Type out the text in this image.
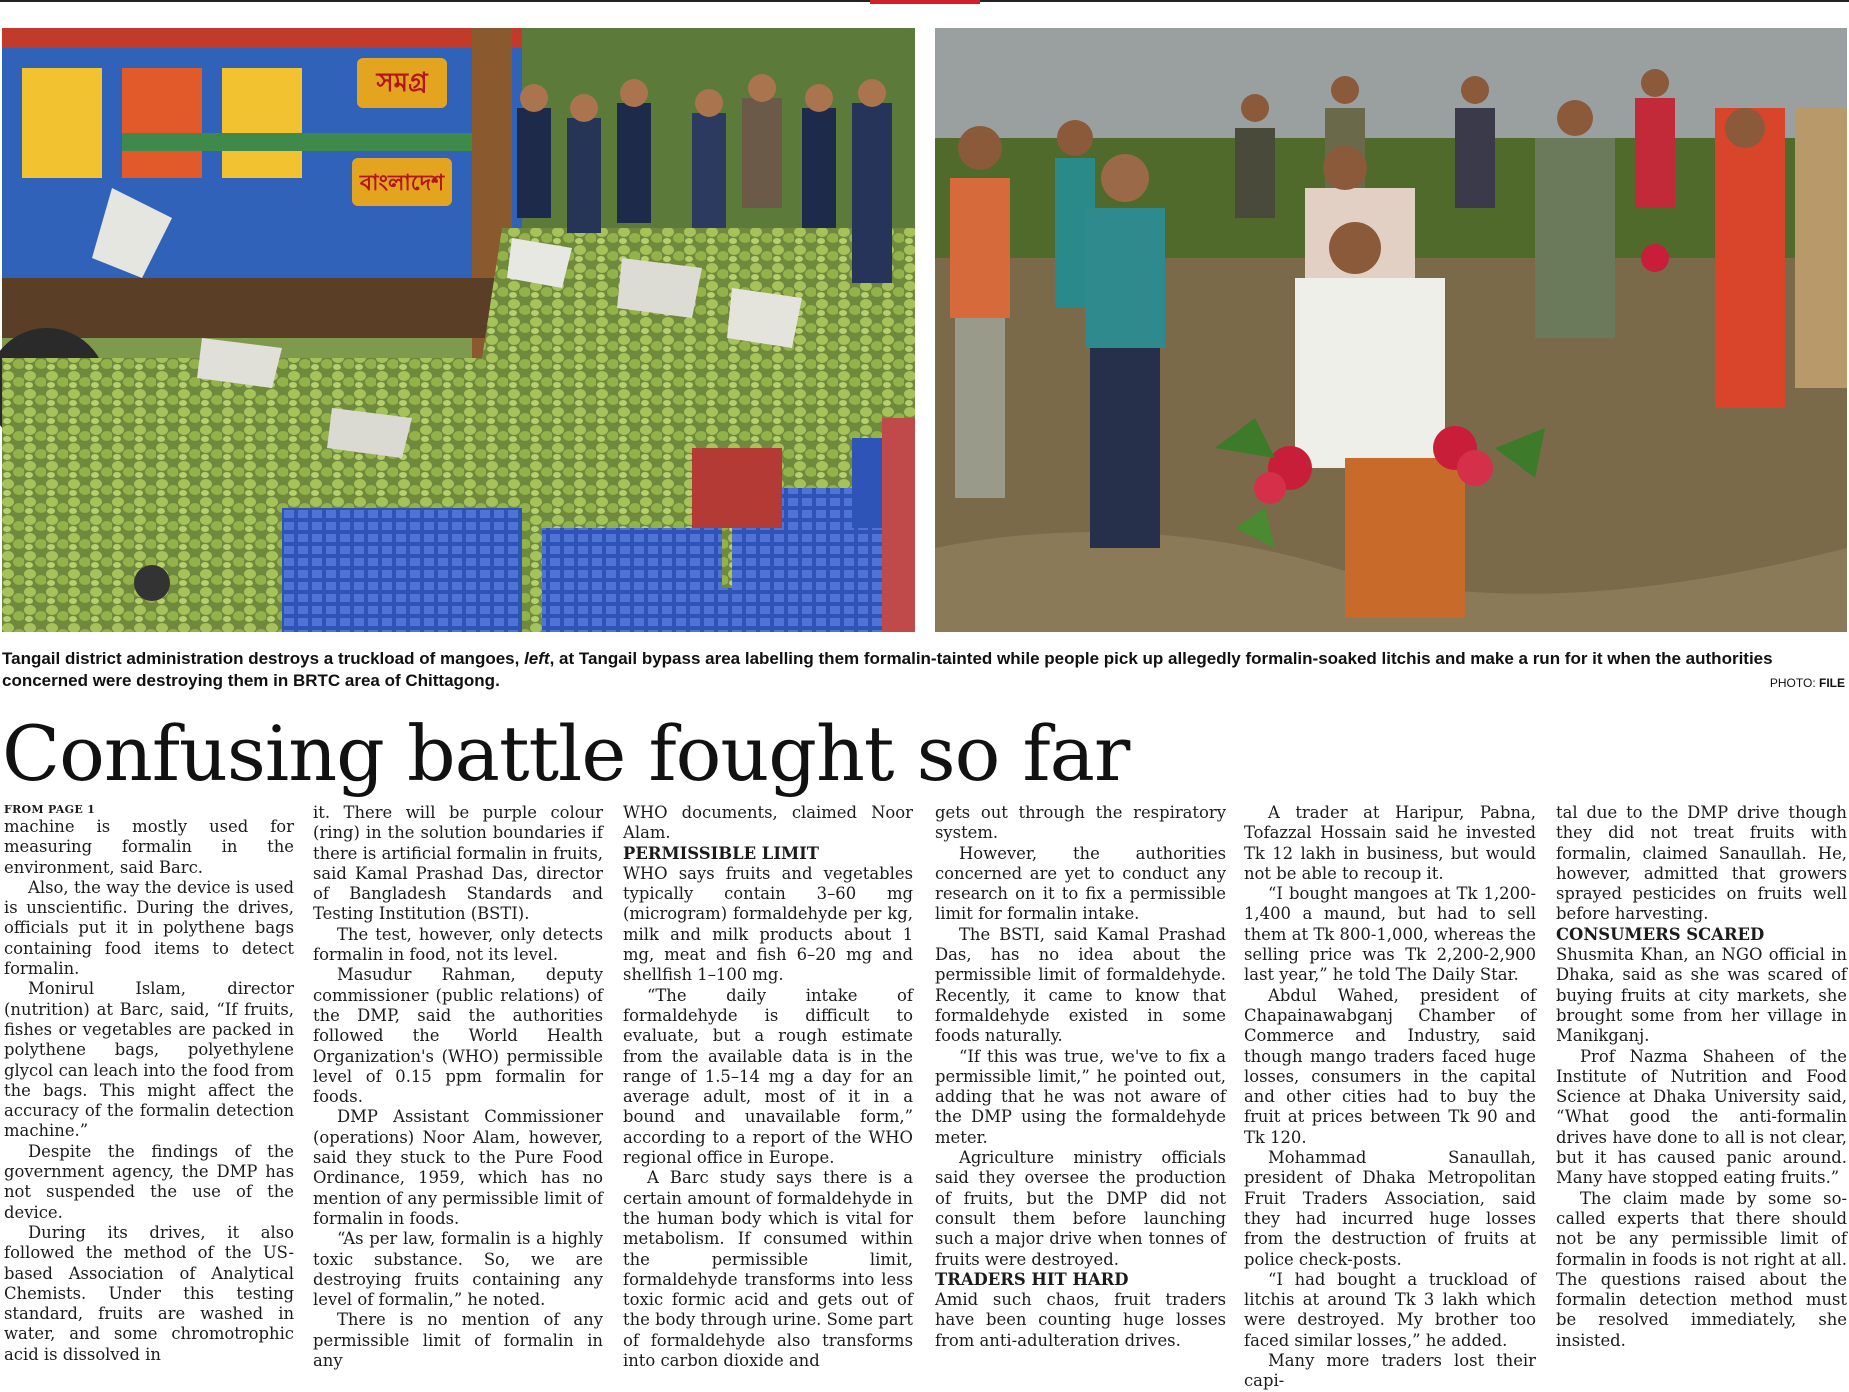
সমগ্র
বাংলাদেশ
Tangail district administration destroys a truckload of mangoes, left, at Tangail bypass area labelling them formalin-tainted while people pick up allegedly formalin-soaked litchis and make a run for it when the authorities concerned were destroying them in BRTC area of Chittagong.	PHOTO: FILE
Confusing battle fought so far
FROM PAGE 1

machine is mostly used for measuring formalin in the environment, said Barc.

Also, the way the device is used is unscientific. During the drives, officials put it in polythene bags containing food items to detect formalin.

Monirul Islam, director (nutrition) at Barc, said, “If fruits, fishes or vegetables are packed in polythene bags, polyethylene glycol can leach into the food from the bags. This might affect the accuracy of the formalin detection machine.”

Despite the findings of the government agency, the DMP has not suspended the use of the device.

During its drives, it also followed the method of the US-based Association of Analytical Chemists. Under this testing standard, fruits are washed in water, and some chromotrophic acid is dissolved in

it. There will be purple colour (ring) in the solution boundaries if there is artificial formalin in fruits, said Kamal Prashad Das, director of Bangladesh Standards and Testing Institution (BSTI).

The test, however, only detects formalin in food, not its level.

Masudur Rahman, deputy commissioner (public relations) of the DMP, said the authorities followed the World Health Organization's (WHO) permissible level of 0.15 ppm formalin for foods.

DMP Assistant Commissioner (operations) Noor Alam, however, said they stuck to the Pure Food Ordinance, 1959, which has no mention of any permissible limit of formalin in foods.

“As per law, formalin is a highly toxic substance. So, we are destroying fruits containing any level of formalin,” he noted.

There is no mention of any permissible limit of formalin in any

WHO documents, claimed Noor Alam.

PERMISSIBLE LIMIT

WHO says fruits and vegetables typically contain 3–60 mg (microgram) formaldehyde per kg, milk and milk products about 1 mg, meat and fish 6–20 mg and shellfish 1–100 mg.

“The daily intake of formaldehyde is difficult to evaluate, but a rough estimate from the available data is in the range of 1.5–14 mg a day for an average adult, most of it in a bound and unavailable form,” according to a report of the WHO regional office in Europe.

A Barc study says there is a certain amount of formaldehyde in the human body which is vital for metabolism. If consumed within the permissible limit, formaldehyde transforms into less toxic formic acid and gets out of the body through urine. Some part of formaldehyde also transforms into carbon dioxide and

gets out through the respiratory system.

However, the authorities concerned are yet to conduct any research on it to fix a permissible limit for formalin intake.

The BSTI, said Kamal Prashad Das, has no idea about the permissible limit of formaldehyde. Recently, it came to know that formaldehyde existed in some foods naturally.

“If this was true, we've to fix a permissible limit,” he pointed out, adding that he was not aware of the DMP using the formaldehyde meter.

Agriculture ministry officials said they oversee the production of fruits, but the DMP did not consult them before launching such a major drive when tonnes of fruits were destroyed.

TRADERS HIT HARD

Amid such chaos, fruit traders have been counting huge losses from anti-adulteration drives.

A trader at Haripur, Pabna, Tofazzal Hossain said he invested Tk 12 lakh in business, but would not be able to recoup it.

“I bought mangoes at Tk 1,200-1,400 a maund, but had to sell them at Tk 800-1,000, whereas the selling price was Tk 2,200-2,900 last year,” he told The Daily Star.

Abdul Wahed, president of Chapainawabganj Chamber of Commerce and Industry, said though mango traders faced huge losses, consumers in the capital and other cities had to buy the fruit at prices between Tk 90 and Tk 120.

Mohammad Sanaullah, president of Dhaka Metropolitan Fruit Traders Association, said they had incurred huge losses from the destruction of fruits at police check-posts.

“I had bought a truckload of litchis at around Tk 3 lakh which were destroyed. My brother too faced similar losses,” he added.

Many more traders lost their capi-

tal due to the DMP drive though they did not treat fruits with formalin, claimed Sanaullah. He, however, admitted that growers sprayed pesticides on fruits well before harvesting.

CONSUMERS SCARED

Shusmita Khan, an NGO official in Dhaka, said as she was scared of buying fruits at city markets, she brought some from her village in Manikganj.

Prof Nazma Shaheen of the Institute of Nutrition and Food Science at Dhaka University said, “What good the anti-formalin drives have done to all is not clear, but it has caused panic around. Many have stopped eating fruits.”

The claim made by some so-called experts that there should not be any permissible limit of formalin in foods is not right at all. The questions raised about the formalin detection method must be resolved immediately, she insisted.
